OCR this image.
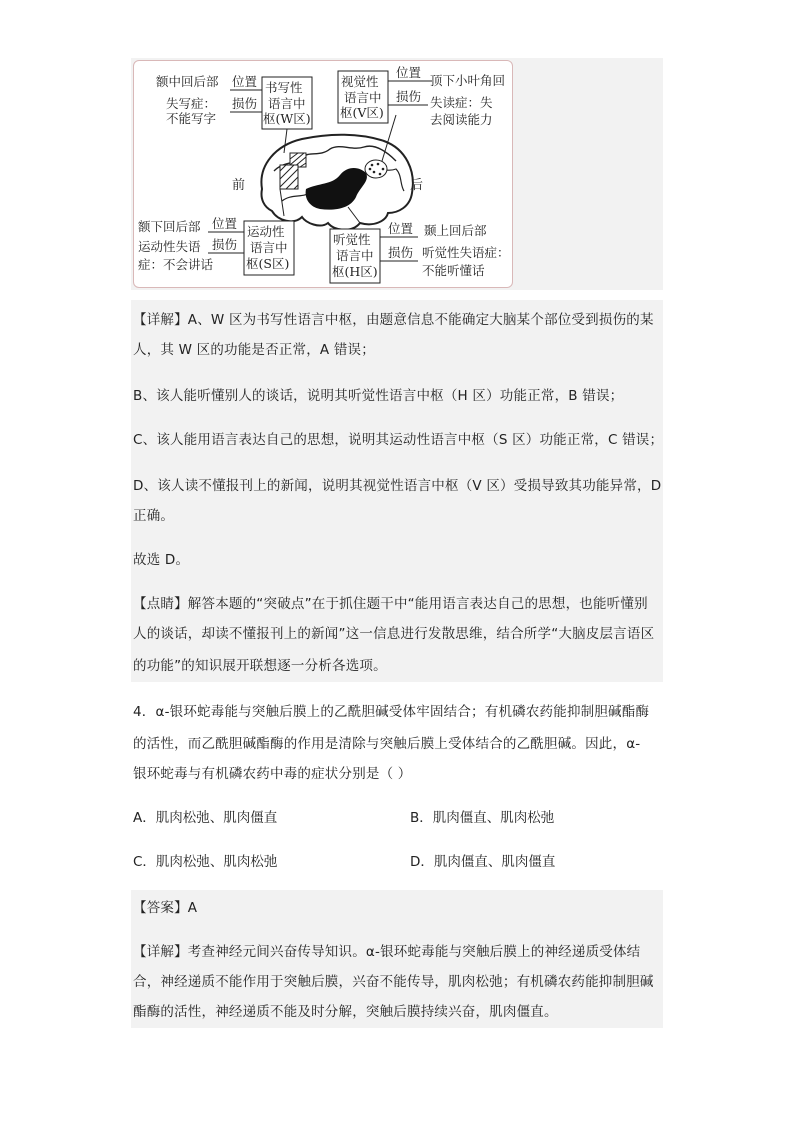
书写性
语言中
枢(W区)
位置
损伤
额中回后部
失写症：
不能写字
视觉性
语言中
枢(V区)
位置
损伤
顶下小叶角回
失读症：失
去阅读能力
前	后
运动性
语言中
枢(S区)
位置
损伤
额下回后部
运动性失语
症：不会讲话
听觉性
语言中
枢(H区)
位置
损伤
颞上回后部
听觉性失语症：
不能听懂话
【详解】A、W 区为书写性语言中枢，由题意信息不能确定大脑某个部位受到损伤的某
人，其 W 区的功能是否正常，A 错误；
B、该人能听懂别人的谈话，说明其听觉性语言中枢（H 区）功能正常，B 错误；
C、该人能用语言表达自己的思想，说明其运动性语言中枢（S 区）功能正常，C 错误；
D、该人读不懂报刊上的新闻，说明其视觉性语言中枢（V 区）受损导致其功能异常，D
正确。
故选 D。
【点睛】解答本题的“突破点”在于抓住题干中“能用语言表达自己的思想，也能听懂别
人的谈话，却读不懂报刊上的新闻”这一信息进行发散思维，结合所学“大脑皮层言语区
的功能”的知识展开联想逐一分析各选项。
4．α-银环蛇毒能与突触后膜上的乙酰胆碱受体牢固结合；有机磷农药能抑制胆碱酯酶
的活性，而乙酰胆碱酯酶的作用是清除与突触后膜上受体结合的乙酰胆碱。因此，α-
银环蛇毒与有机磷农药中毒的症状分别是（ ）
A．肌肉松弛、肌肉僵直	B．肌肉僵直、肌肉松弛
C．肌肉松弛、肌肉松弛	D．肌肉僵直、肌肉僵直
【答案】A
【详解】考查神经元间兴奋传导知识。α-银环蛇毒能与突触后膜上的神经递质受体结
合，神经递质不能作用于突触后膜，兴奋不能传导，肌肉松弛；有机磷农药能抑制胆碱
酯酶的活性，神经递质不能及时分解，突触后膜持续兴奋，肌肉僵直。
